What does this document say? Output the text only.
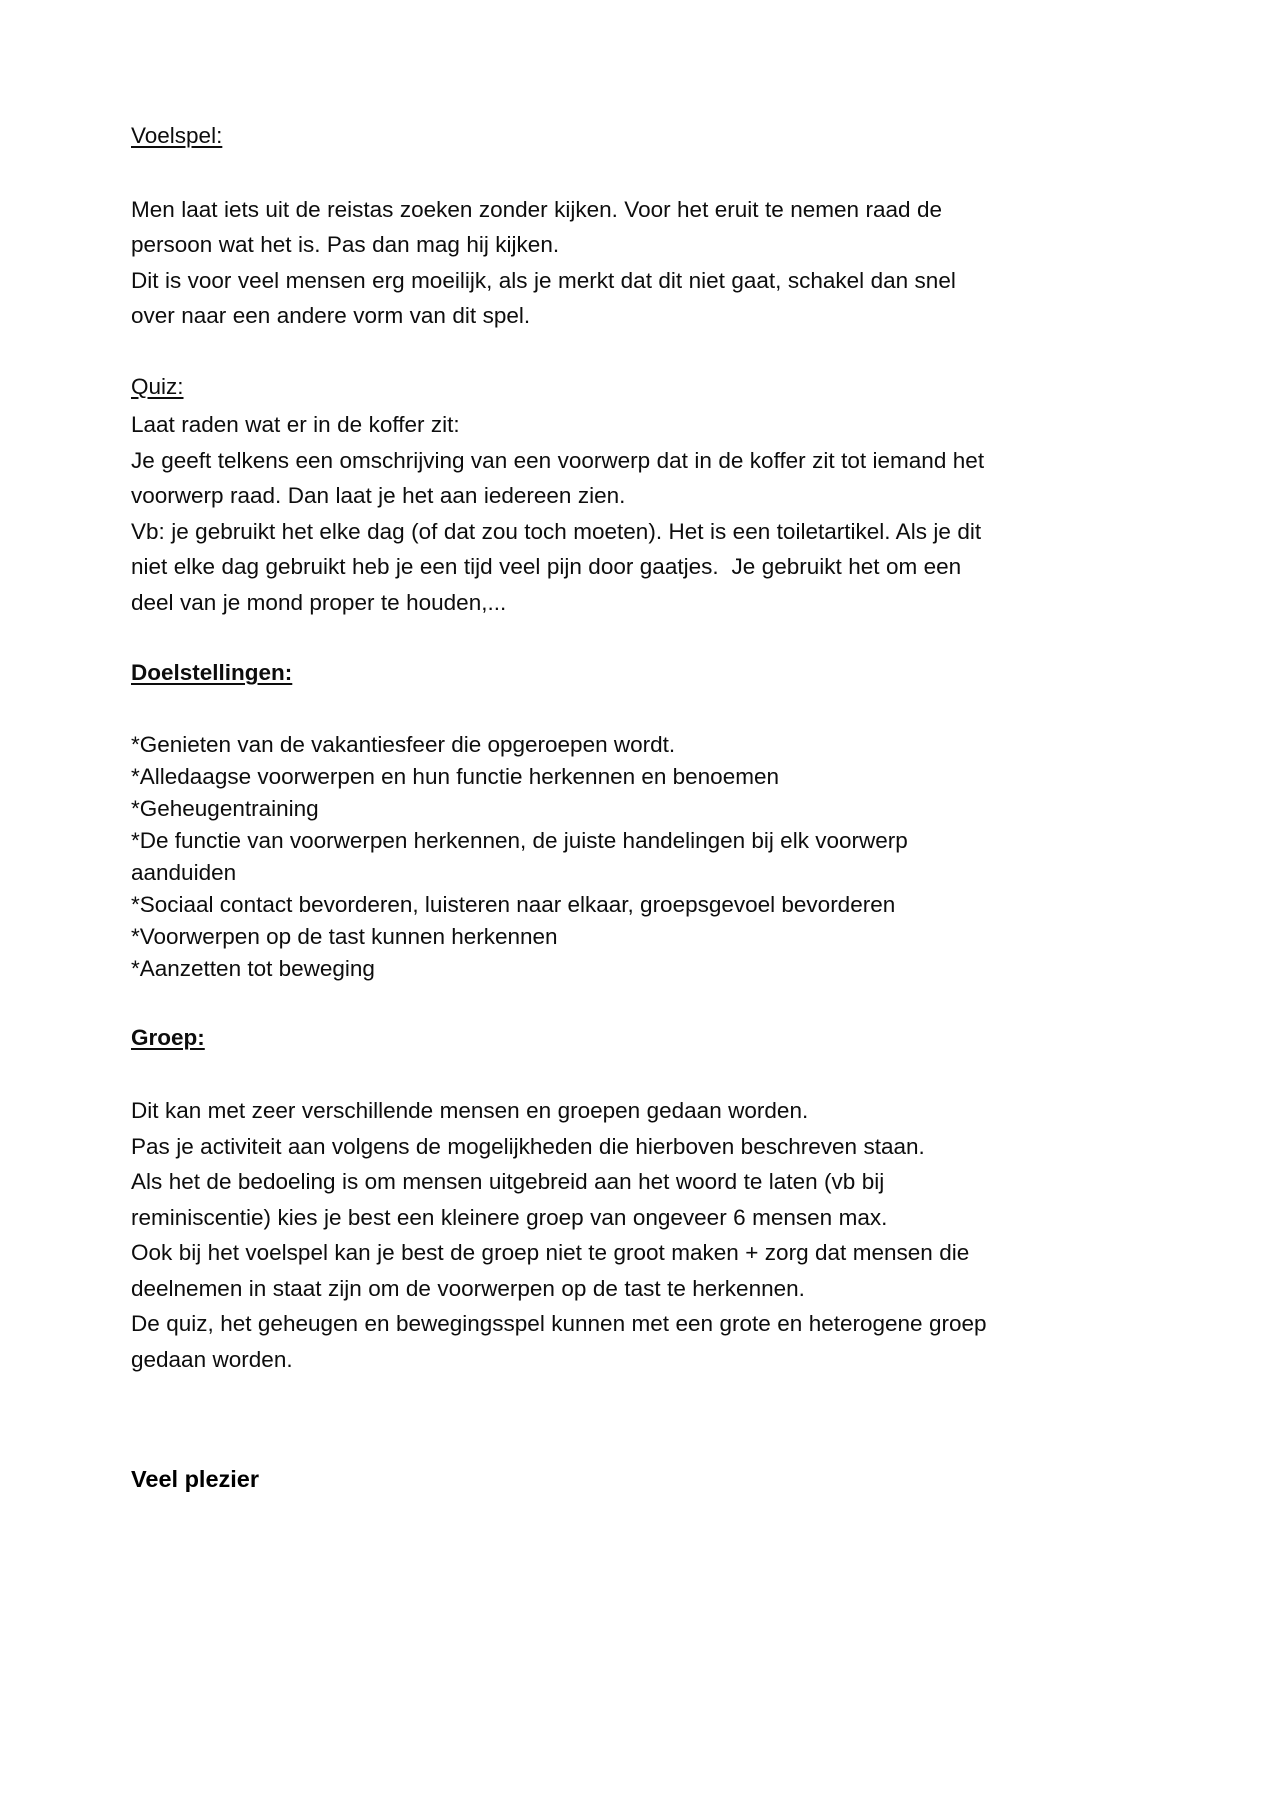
Voelspel:

Men laat iets uit de reistas zoeken zonder kijken. Voor het eruit te nemen raad de persoon wat het is. Pas dan mag hij kijken.

Dit is voor veel mensen erg moeilijk, als je merkt dat dit niet gaat, schakel dan snel over naar een andere vorm van dit spel.

Quiz:

Laat raden wat er in de koffer zit:

Je geeft telkens een omschrijving van een voorwerp dat in de koffer zit tot iemand het voorwerp raad. Dan laat je het aan iedereen zien.

Vb: je gebruikt het elke dag (of dat zou toch moeten). Het is een toiletartikel. Als je dit niet elke dag gebruikt heb je een tijd veel pijn door gaatjes.  Je gebruikt het om een deel van je mond proper te houden,...

Doelstellingen:

*Genieten van de vakantiesfeer die opgeroepen wordt.

*Alledaagse voorwerpen en hun functie herkennen en benoemen

*Geheugentraining

*De functie van voorwerpen herkennen, de juiste handelingen bij elk voorwerp aanduiden

*Sociaal contact bevorderen, luisteren naar elkaar, groepsgevoel bevorderen

*Voorwerpen op de tast kunnen herkennen

*Aanzetten tot beweging

Groep:

Dit kan met zeer verschillende mensen en groepen gedaan worden.

Pas je activiteit aan volgens de mogelijkheden die hierboven beschreven staan.

Als het de bedoeling is om mensen uitgebreid aan het woord te laten (vb bij reminiscentie) kies je best een kleinere groep van ongeveer 6 mensen max.

Ook bij het voelspel kan je best de groep niet te groot maken + zorg dat mensen die deelnemen in staat zijn om de voorwerpen op de tast te herkennen.

De quiz, het geheugen en bewegingsspel kunnen met een grote en heterogene groep gedaan worden.

Veel plezier
